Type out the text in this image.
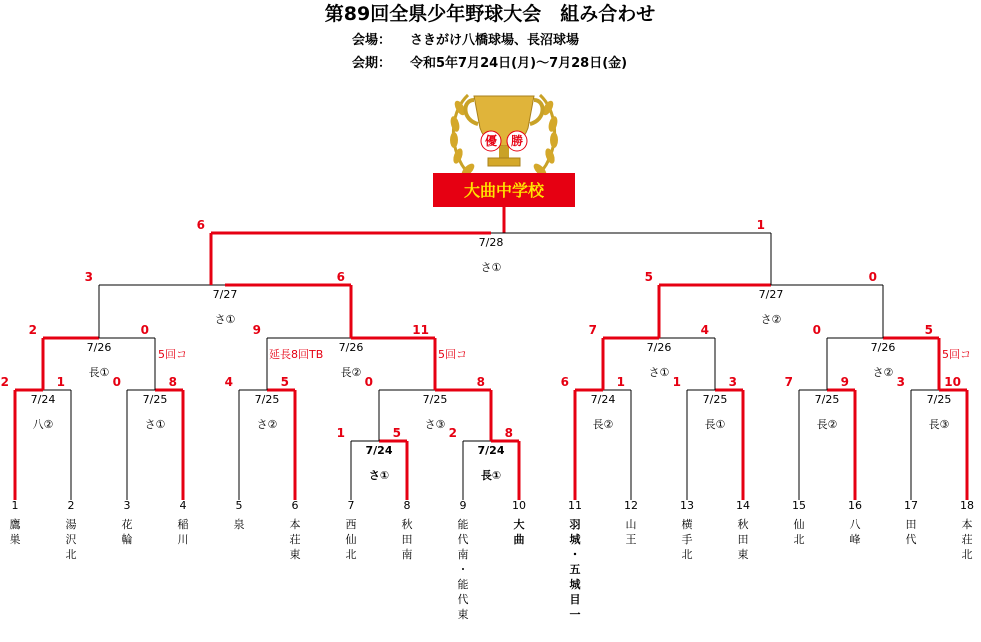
第89回全県少年野球大会　組み合わせ
会場： さきがけ八橋球場、長沼球場
会期： 令和5年7月24日(月)～7月28日(金)
優 勝
大曲中学校
2	1
7/24
八②
0	8
7/25
さ①
4	5
7/25
さ②
1	5
7/24
さ①
2	8
7/24
長①
6	1
7/24
長②
1	3
7/25
長①
7	9
7/25
長②
3	10
7/25
長③
2	0
7/26
長①
5回コ
0	8
7/25
さ③
9	11
7/26
長②
5回コ
延長8回TB
7	4
7/26
さ①
0	5
7/26
さ②
5回コ
3	6
7/27
さ①
5	0
7/27
さ②
6	1
7/28
さ①
1
鷹
巣
2
湯
沢
北
3
花
輪
4
稲
川
5
泉
6
本
荘
東
7
西
仙
北
8
秋
田
南
9
能
代
南
・
能
代
東
10
大
曲
11
羽
城
・
五
城
目
一
12
山
王
13
横
手
北
14
秋
田
東
15
仙
北
16
八
峰
17
田
代
18
本
荘
北
